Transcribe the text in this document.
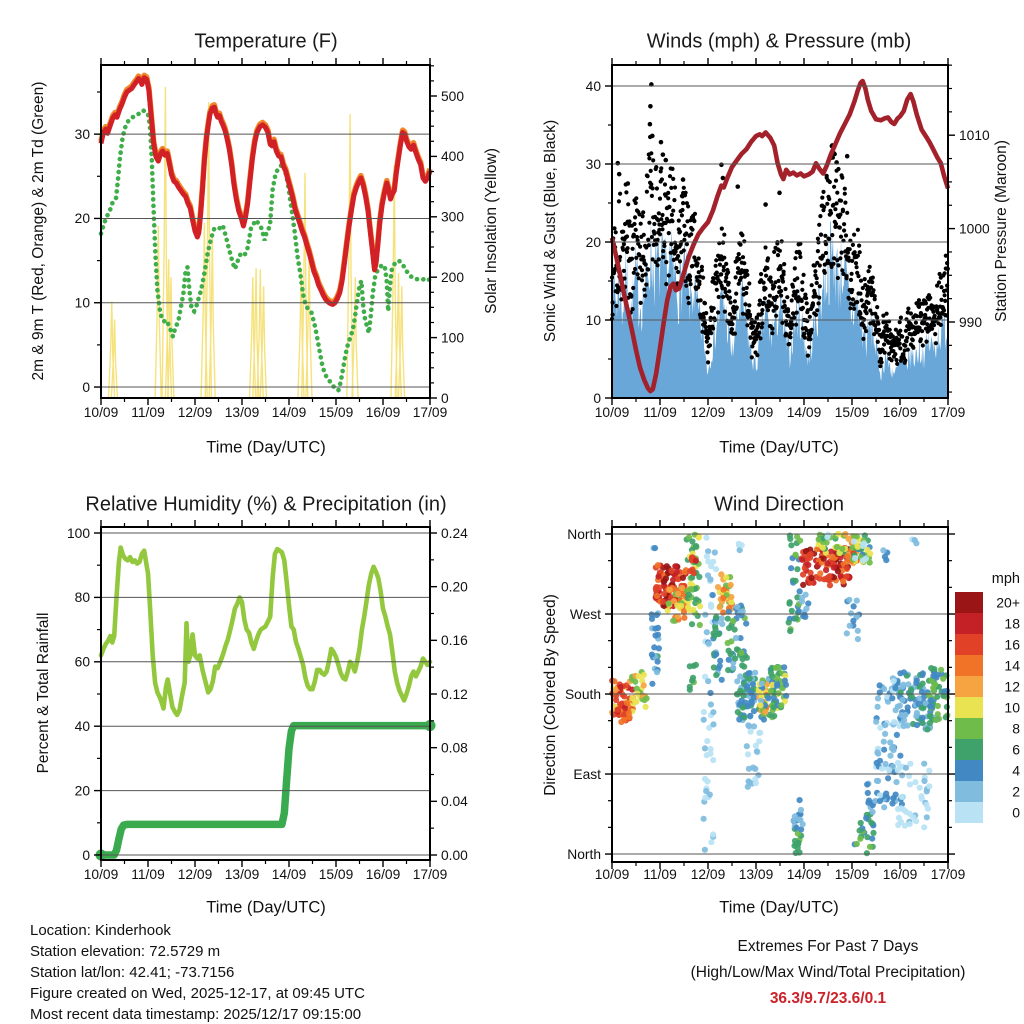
10/09 11/09 12/09 13/09 14/09 15/09 16/09 17/09
0
10
20
30
0
100
200
300
400
500
10/09 11/09 12/09 13/09 14/09 15/09 16/09 17/09
0
10
20
30
40
990
1000
1010
10/09 11/09 12/09 13/09 14/09 15/09 16/09 17/09
0
20
40
60
80
100
0.00
0.04
0.08
0.12
0.16
0.20
0.24
10/09 11/09 12/09 13/09 14/09 15/09 16/09 17/09
North
West
South
East
North
mph
20+
18
16
14
12
10
8
6
4
2
0
Temperature (F)	Winds (mph) & Pressure (mb)
Relative Humidity (%) & Precipitation (in)	Wind Direction
2m & 9m T (Red, Orange) & 2m Td (Green)	Solar Insolation (Yellow)	Sonic Wind & Gust (Blue, Black)	Station Pressure (Maroon)
Percent & Total Rainfall	Direction (Colored By Speed)
Time (Day/UTC)	Time (Day/UTC)
Time (Day/UTC)	Time (Day/UTC)
Location: Kinderhook
Station elevation: 72.5729 m
Station lat/lon: 42.41; -73.7156
Figure created on Wed, 2025-12-17, at 09:45 UTC
Most recent data timestamp: 2025/12/17 09:15:00
Extremes For Past 7 Days
(High/Low/Max Wind/Total Precipitation)
36.3/9.7/23.6/0.1
